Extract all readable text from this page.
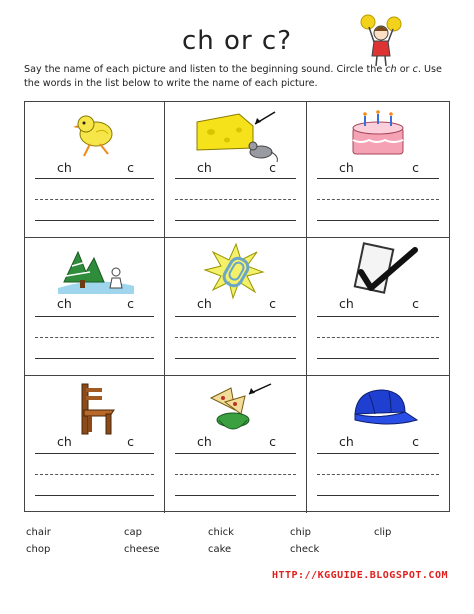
ch or c?
Say the name of each picture and listen to the beginning sound. Circle the ch or c. Use the words in the list below to write the name of each picture.
ch	c	ch	c	ch	c
ch	c	ch	c	ch	c
ch	c	ch	c	ch	c
chair	cap	chick	chip	clip
chop	cheese	cake	check
HTTP://KGGUIDE.BLOGSPOT.COM
